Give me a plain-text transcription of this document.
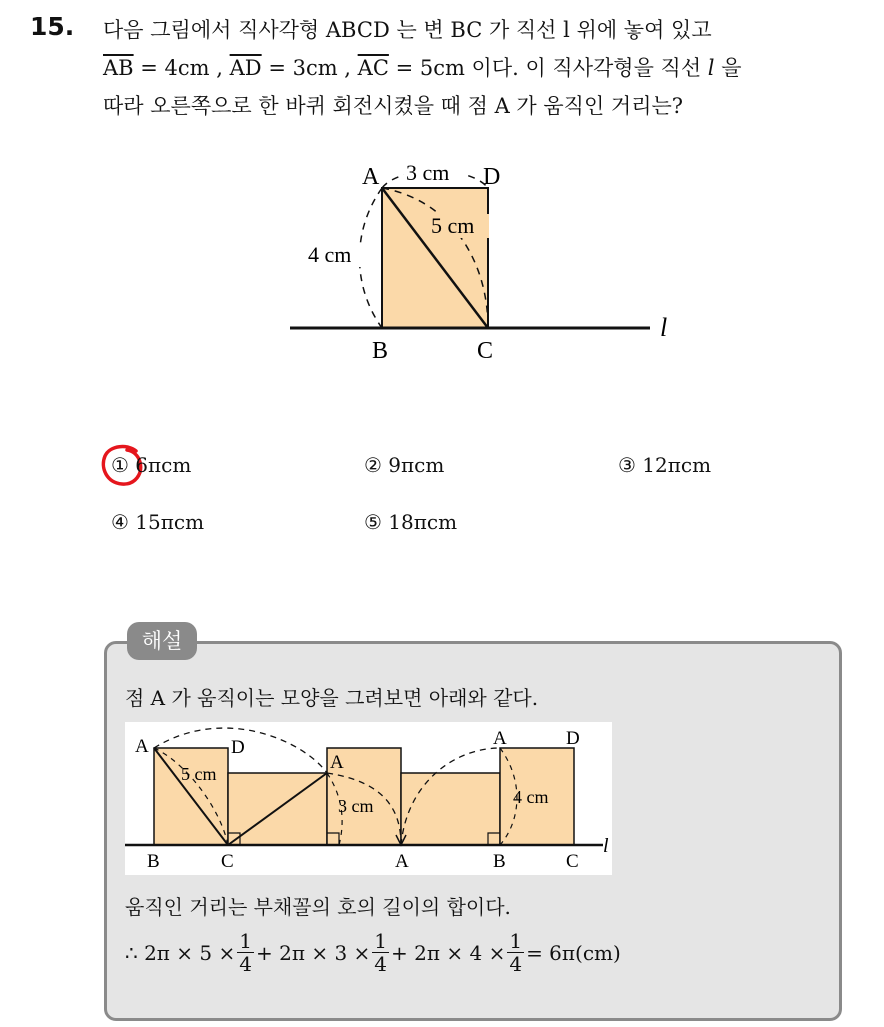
15. 다음 그림에서 직사각형 ABCD 는 변 BC 가 직선 l 위에 놓여 있고
$\overline{AB} = 4cm$ , $\overline{AD} = 3cm$ , $\overline{AC} = 5cm$ 이다. 이 직사각형을 직선 l 을
따라 오른쪽으로 한 바퀴 회전시켰을 때 점 A 가 움직인 거리는?
A	D
B	C
l
3 cm
5 cm
4 cm
① 6πcm	② 9πcm	③ 12πcm
④ 15πcm	⑤ 18πcm
해설
점 A 가 움직이는 모양을 그려보면 아래와 같다.
A	D
5 cm
A
3 cm
A	D
4 cm
B	C	A	B	C
l
움직인 거리는 부채꼴의 호의 길이의 합이다.
∴ $2\pi \times 5 \times \frac{1}{4} + 2\pi \times 3 \times \frac{1}{4} + 2\pi \times 4 \times \frac{1}{4} = 6\pi(cm)$
